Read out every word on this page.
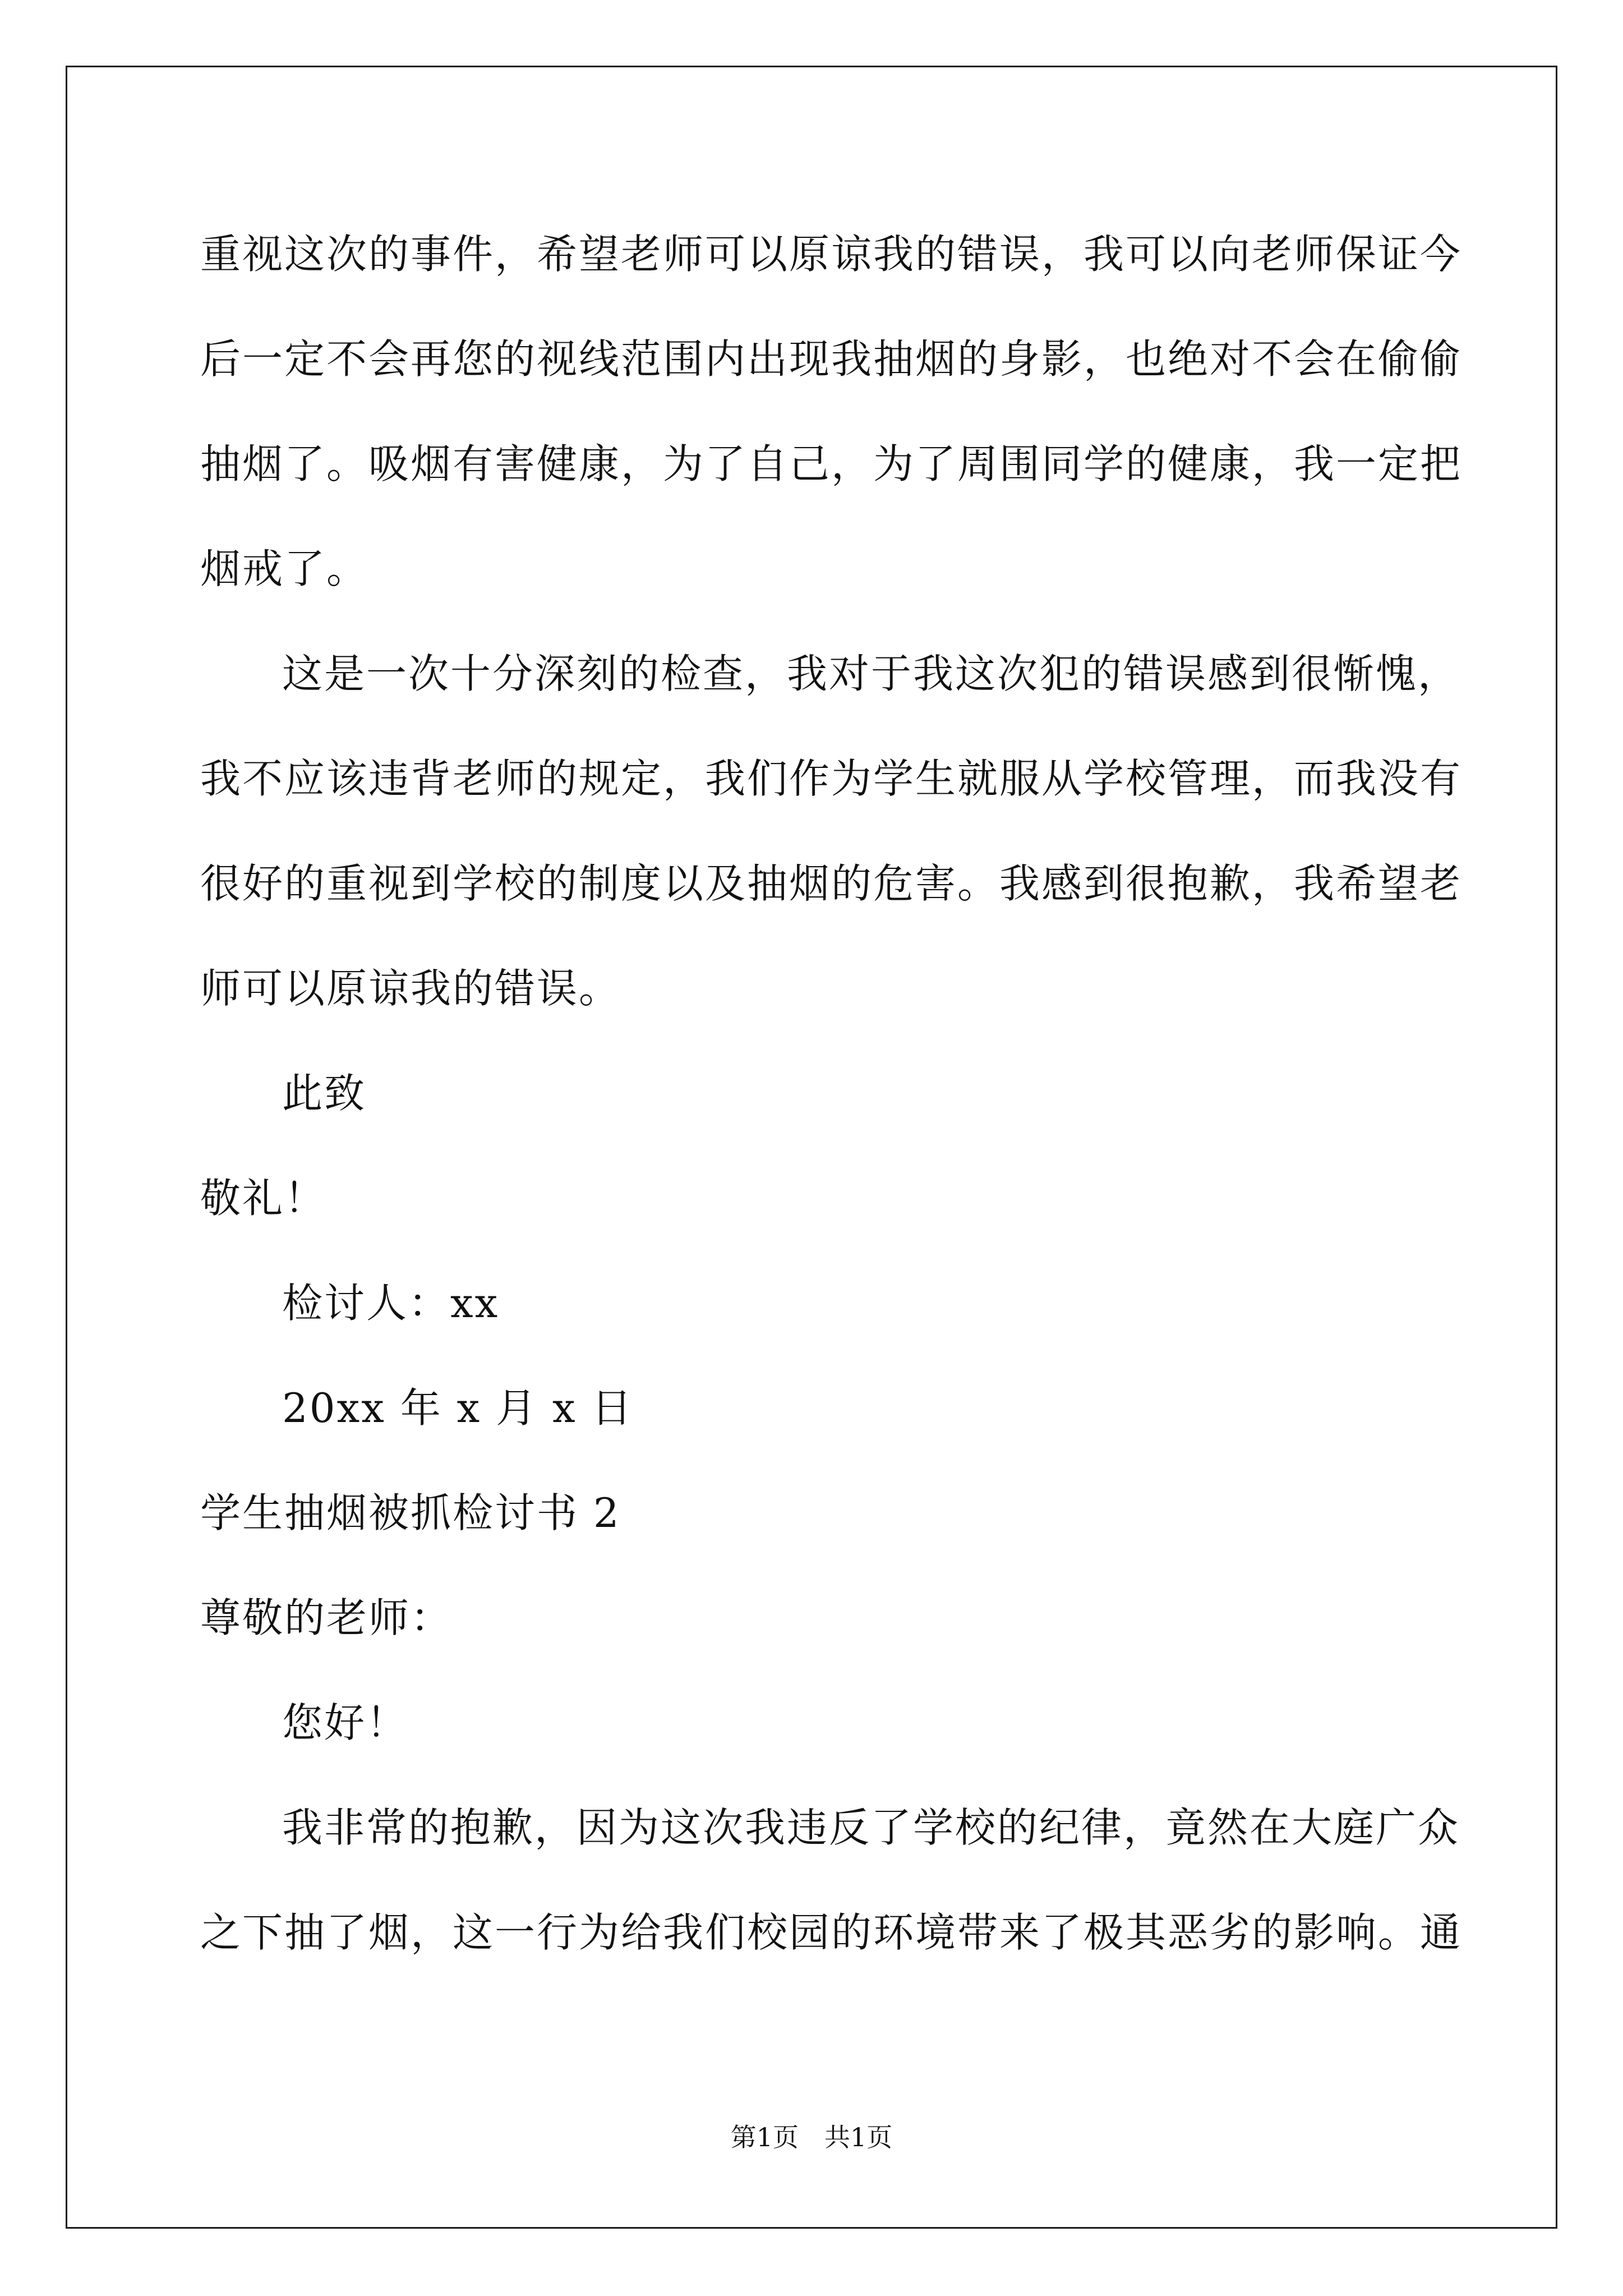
重视这次的事件，希望老师可以原谅我的错误，我可以向老师保证今
后一定不会再您的视线范围内出现我抽烟的身影，也绝对不会在偷偷
抽烟了。吸烟有害健康，为了自己，为了周围同学的健康，我一定把
烟戒了。
这是一次十分深刻的检查，我对于我这次犯的错误感到很惭愧，
我不应该违背老师的规定，我们作为学生就服从学校管理，而我没有
很好的重视到学校的制度以及抽烟的危害。我感到很抱歉，我希望老
师可以原谅我的错误。
此致
敬礼！
检讨人：xx
20xx 年 x 月 x 日
学生抽烟被抓检讨书 2
尊敬的老师：
您好！
我非常的抱歉，因为这次我违反了学校的纪律，竟然在大庭广众
之下抽了烟，这一行为给我们校园的环境带来了极其恶劣的影响。通
第1页　共1页
